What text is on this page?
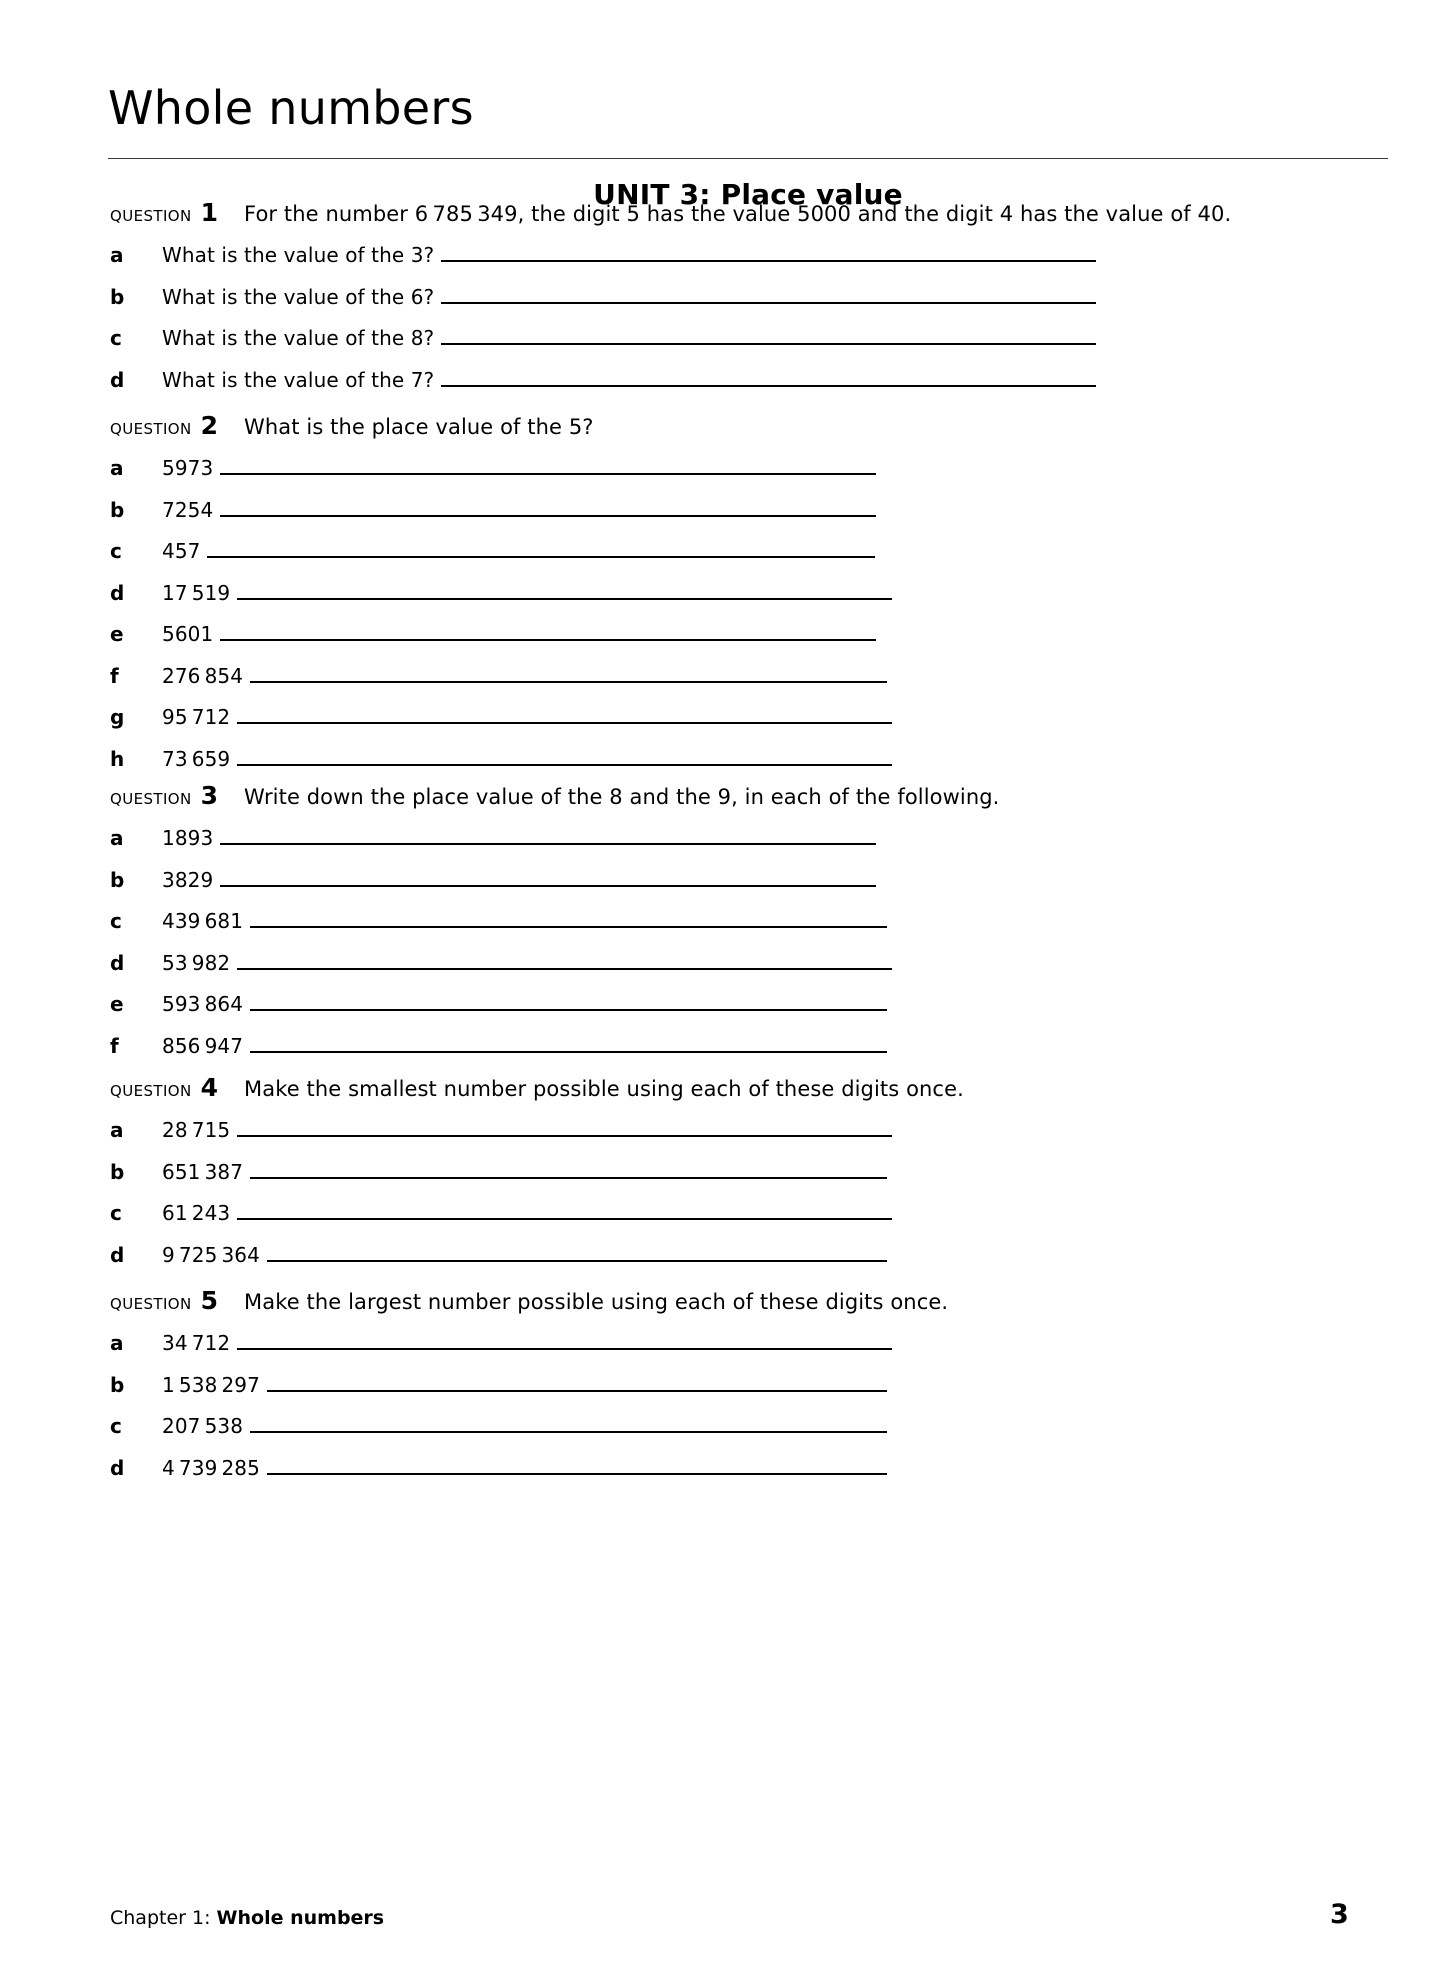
Whole numbers
UNIT 3: Place value
question 1 For the number 6 785 349, the digit 5 has the value 5000 and the digit 4 has the value of 40.
a What is the value of the 3?
b What is the value of the 6?
c What is the value of the 8?
d What is the value of the 7?
question 2 What is the place value of the 5?
a 5973
b 7254
c 457
d 17 519
e 5601
f 276 854
g 95 712
h 73 659
question 3 Write down the place value of the 8 and the 9, in each of the following.
a 1893
b 3829
c 439 681
d 53 982
e 593 864
f 856 947
question 4 Make the smallest number possible using each of these digits once.
a 28 715
b 651 387
c 61 243
d 9 725 364
question 5 Make the largest number possible using each of these digits once.
a 34 712
b 1 538 297
c 207 538
d 4 739 285
Chapter 1: Whole numbers	3
